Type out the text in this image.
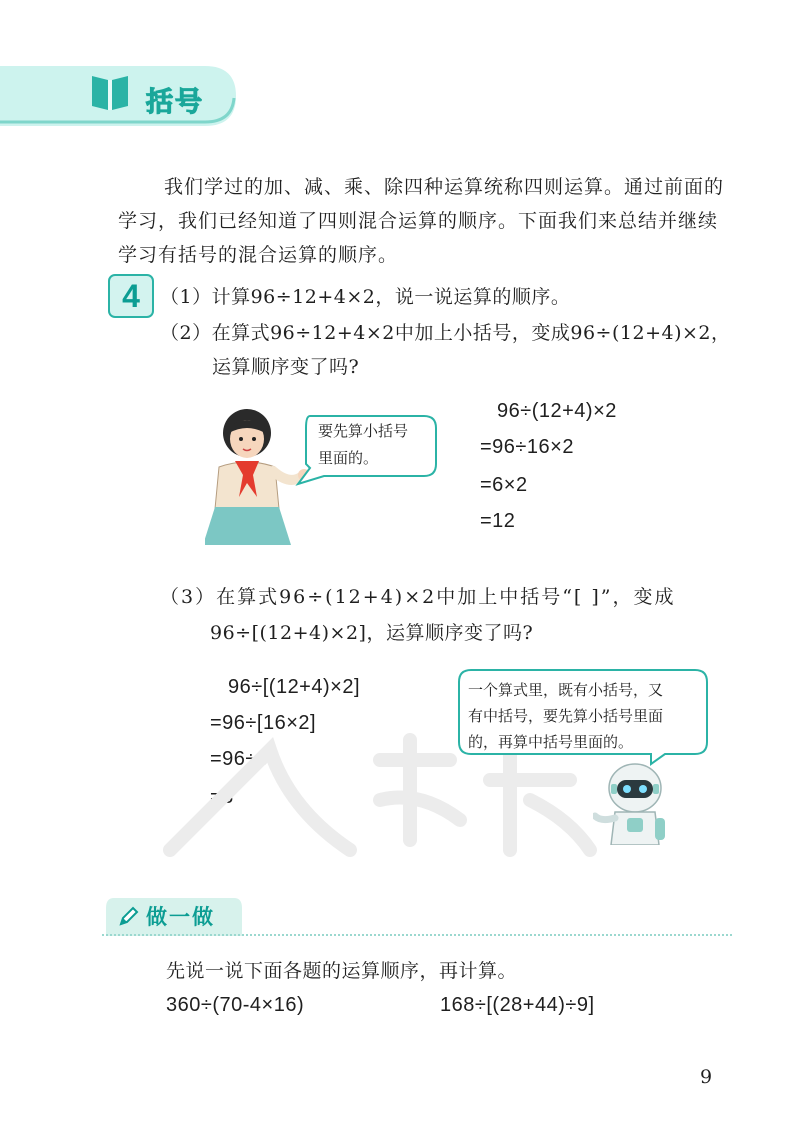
括号
我们学过的加、减、乘、除四种运算统称四则运算。通过前面的学习，我们已经知道了四则混合运算的顺序。下面我们来总结并继续学习有括号的混合运算的顺序。
4	（1）计算96÷12+4×2，说一说运算的顺序。
（2）在算式96÷12+4×2中加上小括号，变成96÷(12+4)×2，
运算顺序变了吗?
要先算小括号
里面的。
96÷(12+4)×2
=96÷16×2
=6×2
=12
（3）在算式96÷(12+4)×2中加上中括号“[ ]”，变成
96÷[(12+4)×2]，运算顺序变了吗?
96÷[(12+4)×2]
=96÷[16×2]
=96÷32
=3
一个算式里，既有小括号，又
有中括号，要先算小括号里面
的，再算中括号里面的。
做一做
先说一说下面各题的运算顺序，再计算。
360÷(70-4×16)	168÷[(28+44)÷9]
9
